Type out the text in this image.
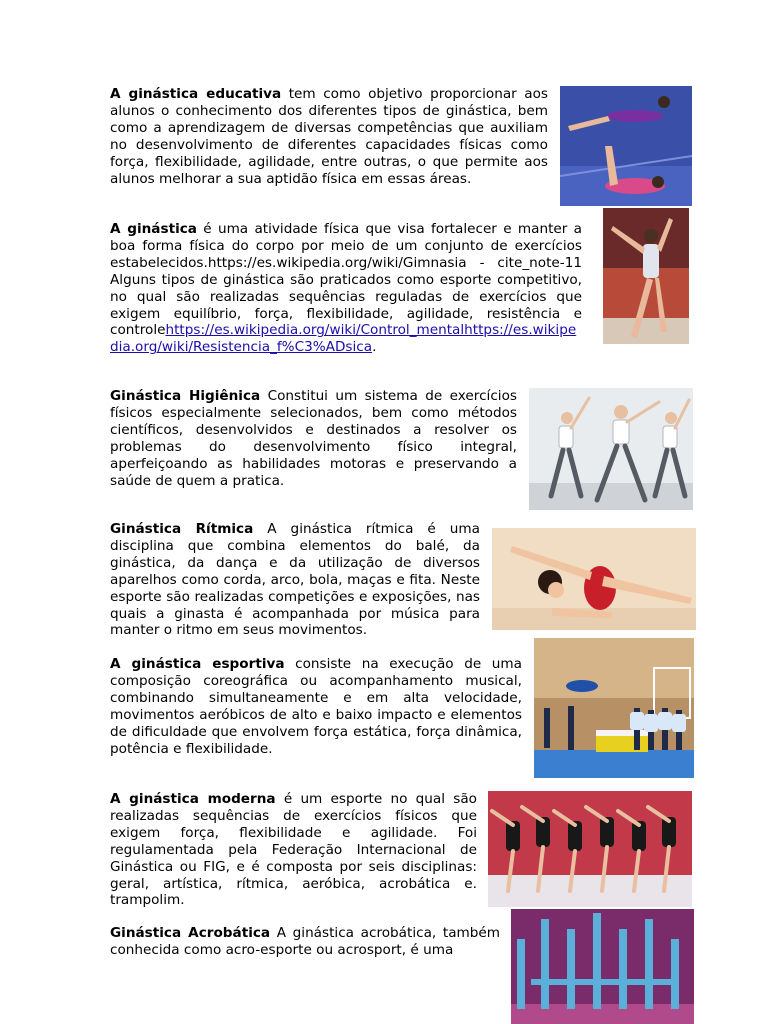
A ginástica educativa tem como objetivo proporcionar aos alunos o conhecimento dos diferentes tipos de ginástica, bem como a aprendizagem de diversas competências que auxiliam no desenvolvimento de diferentes capacidades físicas como força, flexibilidade, agilidade, entre outras, o que permite aos alunos melhorar a sua aptidão física em essas áreas.

A ginástica é uma atividade física que visa fortalecer e manter a boa forma física do corpo por meio de um conjunto de exercícios estabelecidos.https://es.wikipedia.org/wiki/Gimnasia - cite_note-11 Alguns tipos de ginástica são praticados como esporte competitivo, no qual são realizadas sequências reguladas de exercícios que exigem equilíbrio, força, flexibilidade, agilidade, resistência e controlehttps://es.wikipedia.org/wiki/Control_mentalhttps://es.wikipedia.org/wiki/Resistencia_f%C3%ADsica.

Ginástica Higiênica Constitui um sistema de exercícios físicos especialmente selecionados, bem como métodos científicos, desenvolvidos e destinados a resolver os problemas do desenvolvimento físico integral, aperfeiçoando as habilidades motoras e preservando a saúde de quem a pratica.

Ginástica Rítmica A ginástica rítmica é uma disciplina que combina elementos do balé, da ginástica, da dança e da utilização de diversos aparelhos como corda, arco, bola, maças e fita. Neste esporte são realizadas competições e exposições, nas quais a ginasta é acompanhada por música para manter o ritmo em seus movimentos.

A ginástica esportiva consiste na execução de uma composição coreográfica ou acompanhamento musical, combinando simultaneamente e em alta velocidade, movimentos aeróbicos de alto e baixo impacto e elementos de dificuldade que envolvem força estática, força dinâmica, potência e flexibilidade.

A ginástica moderna é um esporte no qual são realizadas sequências de exercícios físicos que exigem força, flexibilidade e agilidade. Foi regulamentada pela Federação Internacional de Ginástica ou FIG, e é composta por seis disciplinas: geral, artística, rítmica, aeróbica, acrobática e. trampolim.

Ginástica Acrobática A ginástica acrobática, também conhecida como acro-esporte ou acrosport, é uma
